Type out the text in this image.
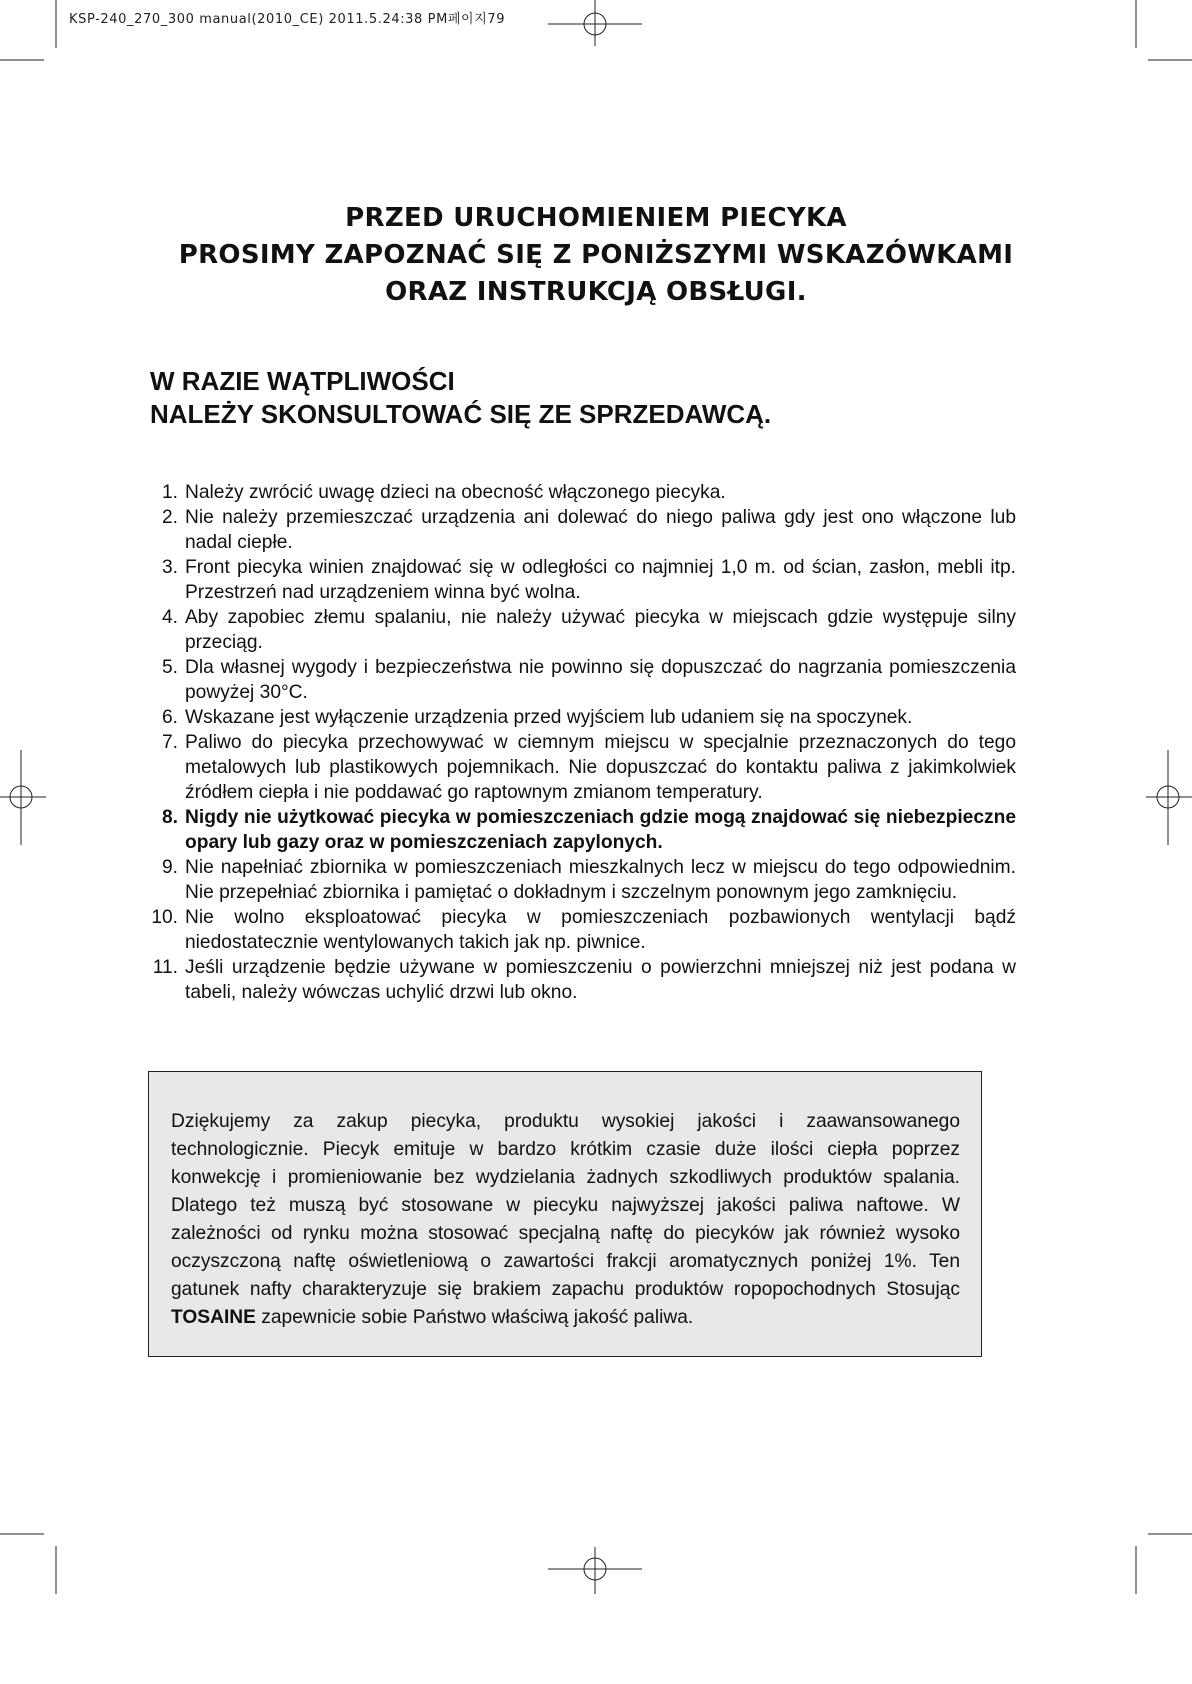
KSP-240_270_300 manual(2010_CE) 2011.5.24:38 PM페이지79
PRZED URUCHOMIENIEM PIECYKA
PROSIMY ZAPOZNAĆ SIĘ Z PONIŻSZYMI WSKAZÓWKAMI
ORAZ INSTRUKCJĄ OBSŁUGI.
W RAZIE WĄTPLIWOŚCI
NALEŻY SKONSULTOWAĆ SIĘ ZE SPRZEDAWCĄ.
1. Należy zwrócić uwagę dzieci na obecność włączonego piecyka.
2. Nie należy przemieszczać urządzenia ani dolewać do niego paliwa gdy jest ono włączone lub nadal ciepłe.
3. Front piecyka winien znajdować się w odległości co najmniej 1,0 m. od ścian, zasłon, mebli itp. Przestrzeń nad urządzeniem winna być wolna.
4. Aby zapobiec złemu spalaniu, nie należy używać piecyka w miejscach gdzie występuje silny przeciąg.
5. Dla własnej wygody i bezpieczeństwa nie powinno się dopuszczać do nagrzania pomieszczenia powyżej 30°C.
6. Wskazane jest wyłączenie urządzenia przed wyjściem lub udaniem się na spoczynek.
7. Paliwo do piecyka przechowywać w ciemnym miejscu w specjalnie przeznaczonych do tego metalowych lub plastikowych pojemnikach. Nie dopuszczać do kontaktu paliwa z jakimkolwiek źródłem ciepła i nie poddawać go raptownym zmianom temperatury.
8. Nigdy nie użytkować piecyka w pomieszczeniach gdzie mogą znajdować się niebezpieczne opary lub gazy oraz w pomieszczeniach zapylonych.
9. Nie napełniać zbiornika w pomieszczeniach mieszkalnych lecz w miejscu do tego odpowiednim. Nie przepełniać zbiornika i pamiętać o dokładnym i szczelnym ponownym jego zamknięciu.
10. Nie wolno eksploatować piecyka w pomieszczeniach pozbawionych wentylacji bądź niedostatecznie wentylowanych takich jak np. piwnice.
11. Jeśli urządzenie będzie używane w pomieszczeniu o powierzchni mniejszej niż jest podana w tabeli, należy wówczas uchylić drzwi lub okno.
Dziękujemy za zakup piecyka, produktu wysokiej jakości i zaawansowanego technologicznie. Piecyk emituje w bardzo krótkim czasie duże ilości ciepła poprzez konwekcję i promieniowanie bez wydzielania żadnych szkodliwych produktów spalania. Dlatego też muszą być stosowane w piecyku najwyższej jakości paliwa naftowe. W zależności od rynku można stosować specjalną naftę do piecyków jak również wysoko oczyszczoną naftę oświetleniową o zawartości frakcji aromatycznych poniżej 1%. Ten gatunek nafty charakteryzuje się brakiem zapachu produktów ropopochodnych Stosując TOSAINE zapewnicie sobie Państwo właściwą jakość paliwa.
